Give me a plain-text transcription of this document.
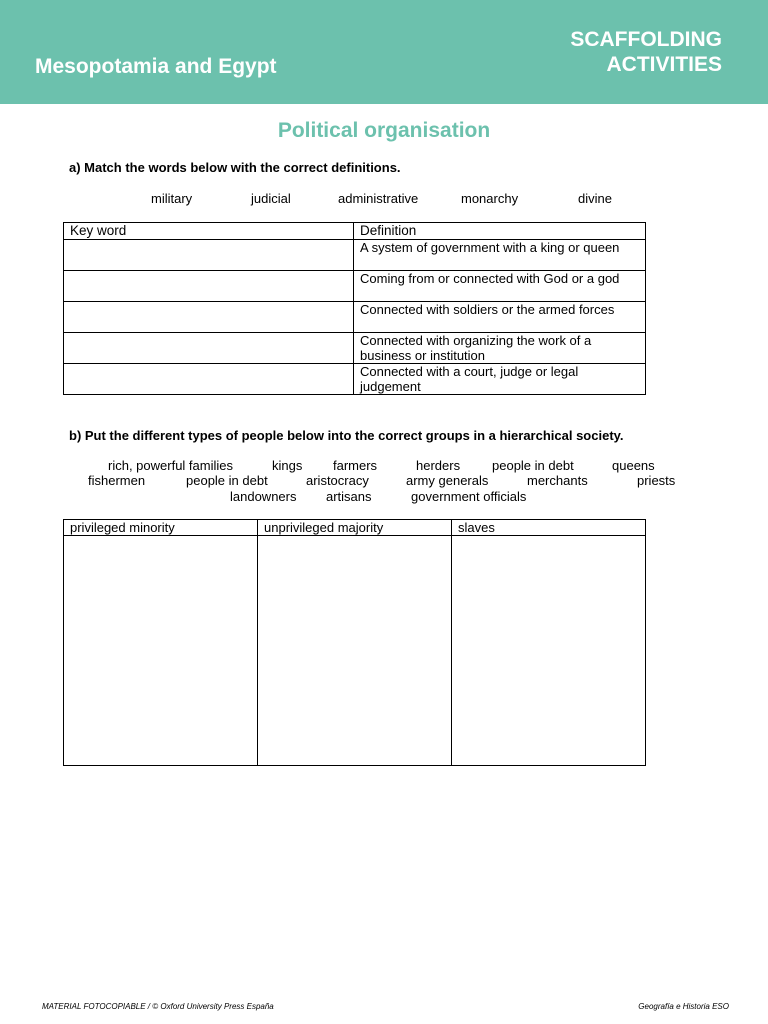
Mesopotamia and Egypt
SCAFFOLDING
ACTIVITIES
Political organisation
a) Match the words below with the correct definitions.
military	judicial	administrative	monarchy	divine
Key word	Definition
	A system of government with a king or queen
	Coming from or connected with God or a god
	Connected with soldiers or the armed forces
	Connected with organizing the work of a business or institution
	Connected with a court, judge or legal judgement
b) Put the different types of people below into the correct groups in a hierarchical society.
rich, powerful families	kings farmers	herders people in debt	queens
fishermen	people in debt	aristocracy	army generals	merchants	priests
landowners artisans	government officials
privileged minority	unprivileged majority	slaves

MATERIAL FOTOCOPIABLE / © Oxford University Press España	Geografía e Historia ESO
